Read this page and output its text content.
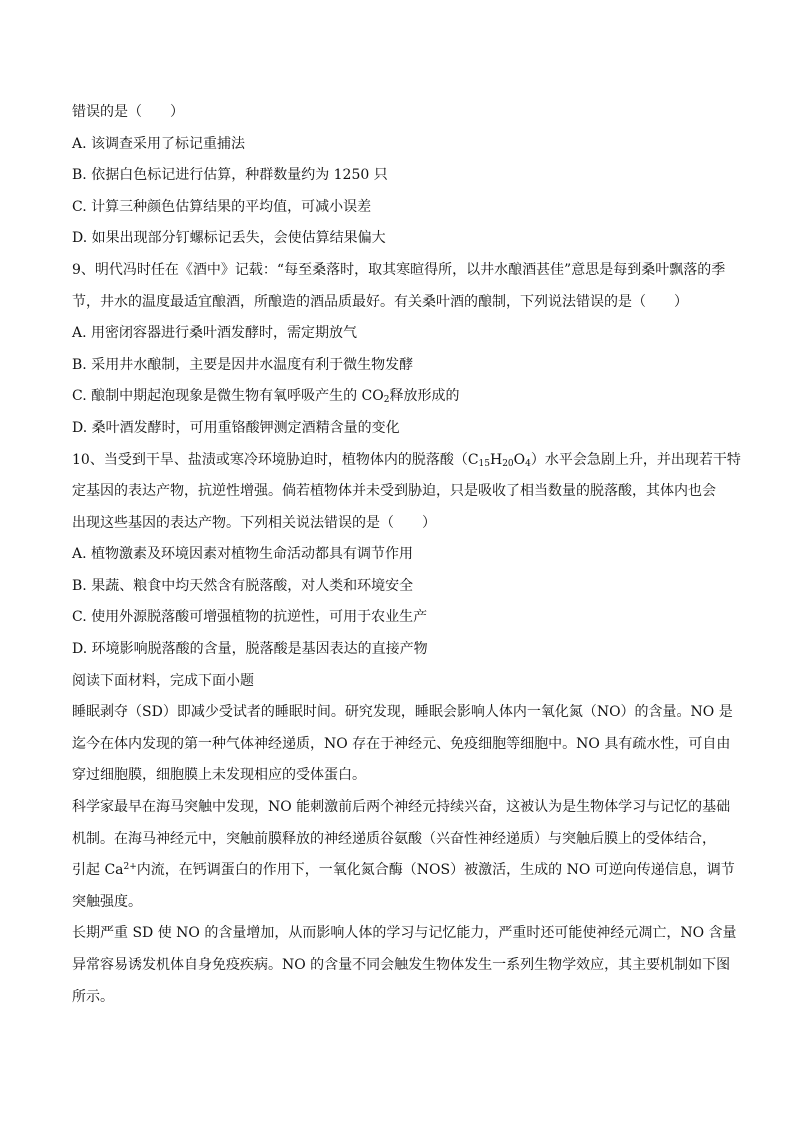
错误的是（　　）
A. 该调查采用了标记重捕法
B. 依据白色标记进行估算，种群数量约为 1250 只
C. 计算三种颜色估算结果的平均值，可减小误差
D. 如果出现部分钉螺标记丢失，会使估算结果偏大
9、明代冯时任在《酒中》记载：“每至桑落时，取其寒暄得所，以井水酿酒甚佳”意思是每到桑叶飘落的季
节，井水的温度最适宜酿酒，所酿造的酒品质最好。有关桑叶酒的酿制，下列说法错误的是（　　）
A. 用密闭容器进行桑叶酒发酵时，需定期放气
B. 采用井水酿制，主要是因井水温度有利于微生物发酵
C. 酿制中期起泡现象是微生物有氧呼吸产生的 $CO_2$释放形成的
D. 桑叶酒发酵时，可用重铬酸钾测定酒精含量的变化
10、当受到干旱、盐渍或寒冷环境胁迫时，植物体内的脱落酸$(C_{15}H_{20}O_4)$水平会急剧上升，并出现若干特
定基因的表达产物，抗逆性增强。倘若植物体并未受到胁迫，只是吸收了相当数量的脱落酸，其体内也会
出现这些基因的表达产物。下列相关说法错误的是（　　）
A. 植物激素及环境因素对植物生命活动都具有调节作用
B. 果蔬、粮食中均天然含有脱落酸，对人类和环境安全
C. 使用外源脱落酸可增强植物的抗逆性，可用于农业生产
D. 环境影响脱落酸的含量，脱落酸是基因表达的直接产物
阅读下面材料，完成下面小题
睡眠剥夺（SD）即减少受试者的睡眠时间。研究发现，睡眠会影响人体内一氧化氮（NO）的含量。NO 是
迄今在体内发现的第一种气体神经递质，NO 存在于神经元、免疫细胞等细胞中。NO 具有疏水性，可自由
穿过细胞膜，细胞膜上未发现相应的受体蛋白。
科学家最早在海马突触中发现，NO 能刺激前后两个神经元持续兴奋，这被认为是生物体学习与记忆的基础
机制。在海马神经元中，突触前膜释放的神经递质谷氨酸（兴奋性神经递质）与突触后膜上的受体结合，
引起 $Ca^{2+}$内流，在钙调蛋白的作用下，一氧化氮合酶（NOS）被激活，生成的 NO 可逆向传递信息，调节
突触强度。
长期严重 SD 使 NO 的含量增加，从而影响人体的学习与记忆能力，严重时还可能使神经元凋亡，NO 含量
异常容易诱发机体自身免疫疾病。NO 的含量不同会触发生物体发生一系列生物学效应，其主要机制如下图
所示。
